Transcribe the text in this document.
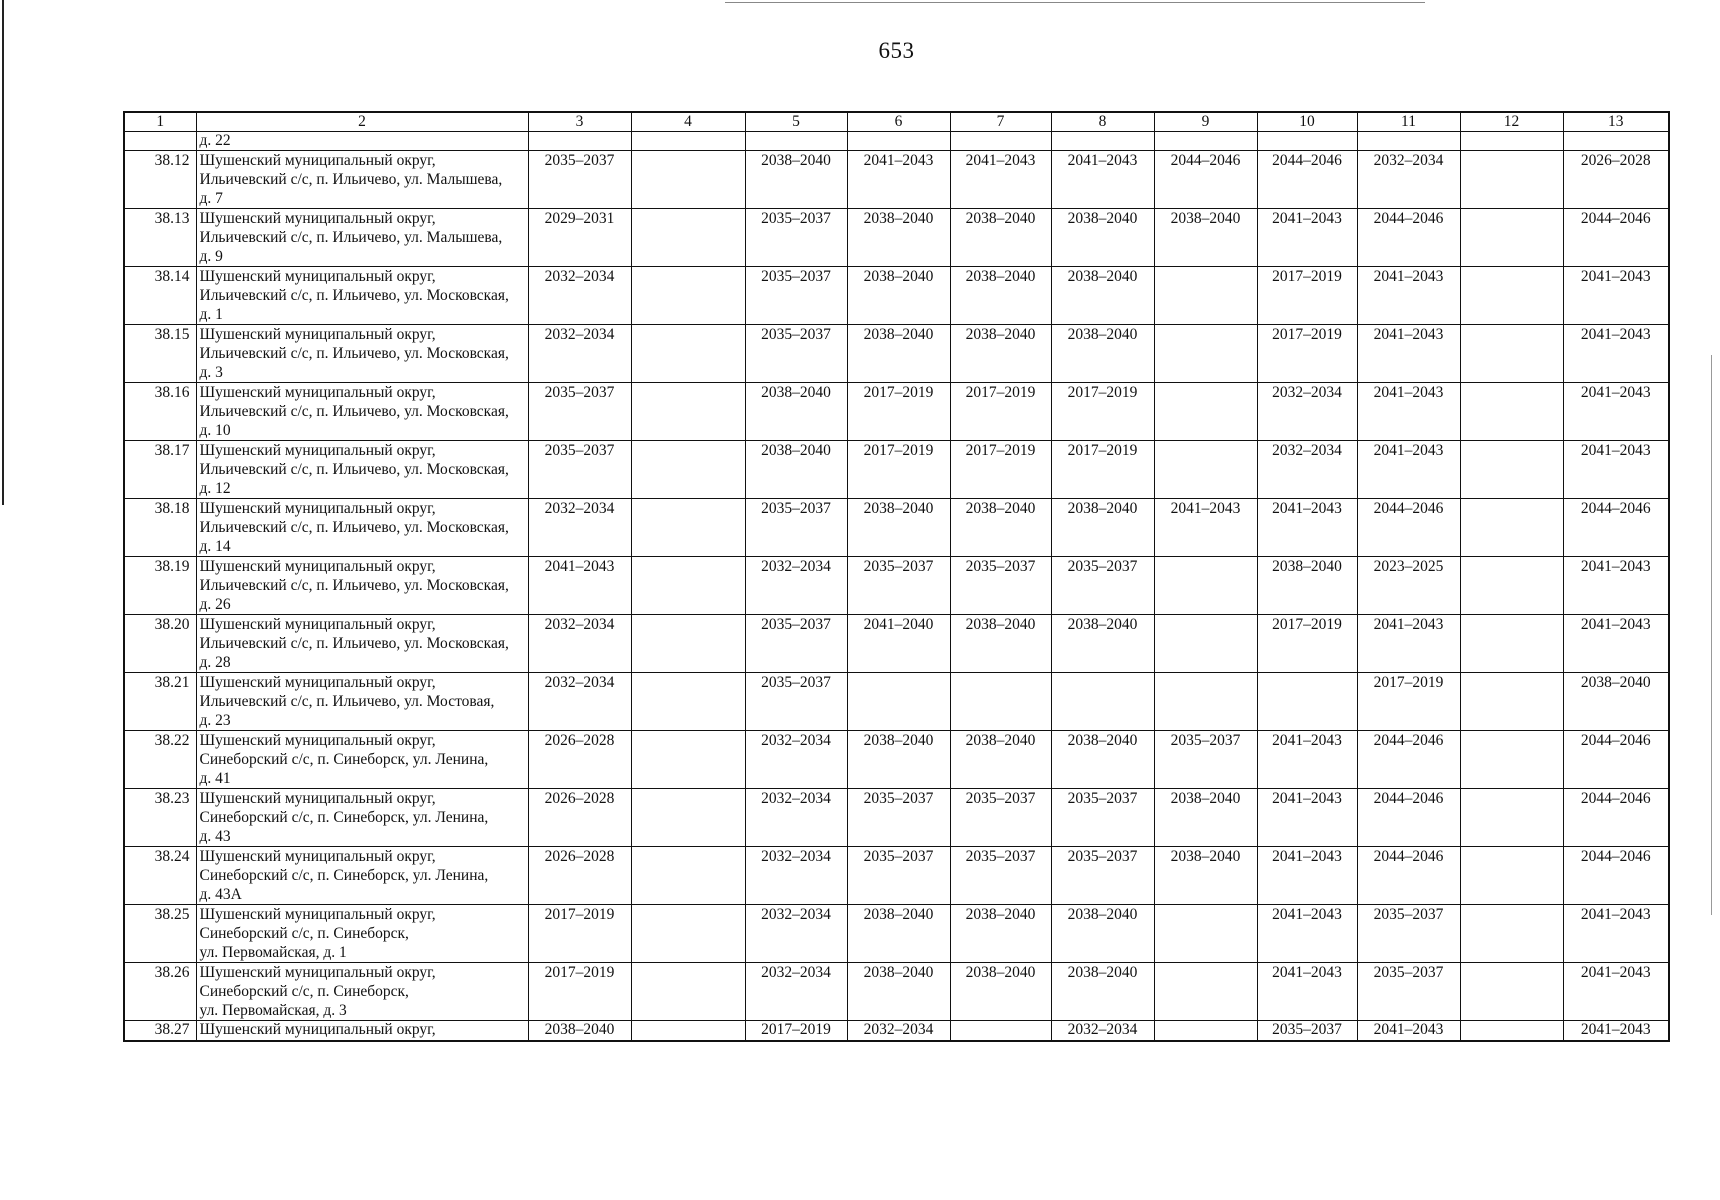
653
1	2	3	4	5	6	7	8	9	10	11	12	13
	д. 22											
38.12	Шушенский муниципальный округ,
Ильичевский с/с, п. Ильичево, ул. Малышева,
д. 7	2035–2037		2038–2040	2041–2043	2041–2043	2041–2043	2044–2046	2044–2046	2032–2034		2026–2028
38.13	Шушенский муниципальный округ,
Ильичевский с/с, п. Ильичево, ул. Малышева,
д. 9	2029–2031		2035–2037	2038–2040	2038–2040	2038–2040	2038–2040	2041–2043	2044–2046		2044–2046
38.14	Шушенский муниципальный округ,
Ильичевский с/с, п. Ильичево, ул. Московская,
д. 1	2032–2034		2035–2037	2038–2040	2038–2040	2038–2040		2017–2019	2041–2043		2041–2043
38.15	Шушенский муниципальный округ,
Ильичевский с/с, п. Ильичево, ул. Московская,
д. 3	2032–2034		2035–2037	2038–2040	2038–2040	2038–2040		2017–2019	2041–2043		2041–2043
38.16	Шушенский муниципальный округ,
Ильичевский с/с, п. Ильичево, ул. Московская,
д. 10	2035–2037		2038–2040	2017–2019	2017–2019	2017–2019		2032–2034	2041–2043		2041–2043
38.17	Шушенский муниципальный округ,
Ильичевский с/с, п. Ильичево, ул. Московская,
д. 12	2035–2037		2038–2040	2017–2019	2017–2019	2017–2019		2032–2034	2041–2043		2041–2043
38.18	Шушенский муниципальный округ,
Ильичевский с/с, п. Ильичево, ул. Московская,
д. 14	2032–2034		2035–2037	2038–2040	2038–2040	2038–2040	2041–2043	2041–2043	2044–2046		2044–2046
38.19	Шушенский муниципальный округ,
Ильичевский с/с, п. Ильичево, ул. Московская,
д. 26	2041–2043		2032–2034	2035–2037	2035–2037	2035–2037		2038–2040	2023–2025		2041–2043
38.20	Шушенский муниципальный округ,
Ильичевский с/с, п. Ильичево, ул. Московская,
д. 28	2032–2034		2035–2037	2041–2040	2038–2040	2038–2040		2017–2019	2041–2043		2041–2043
38.21	Шушенский муниципальный округ,
Ильичевский с/с, п. Ильичево, ул. Мостовая,
д. 23	2032–2034		2035–2037						2017–2019		2038–2040
38.22	Шушенский муниципальный округ,
Синеборский с/с, п. Синеборск, ул. Ленина,
д. 41	2026–2028		2032–2034	2038–2040	2038–2040	2038–2040	2035–2037	2041–2043	2044–2046		2044–2046
38.23	Шушенский муниципальный округ,
Синеборский с/с, п. Синеборск, ул. Ленина,
д. 43	2026–2028		2032–2034	2035–2037	2035–2037	2035–2037	2038–2040	2041–2043	2044–2046		2044–2046
38.24	Шушенский муниципальный округ,
Синеборский с/с, п. Синеборск, ул. Ленина,
д. 43А	2026–2028		2032–2034	2035–2037	2035–2037	2035–2037	2038–2040	2041–2043	2044–2046		2044–2046
38.25	Шушенский муниципальный округ,
Синеборский с/с, п. Синеборск,
ул. Первомайская, д. 1	2017–2019		2032–2034	2038–2040	2038–2040	2038–2040		2041–2043	2035–2037		2041–2043
38.26	Шушенский муниципальный округ,
Синеборский с/с, п. Синеборск,
ул. Первомайская, д. 3	2017–2019		2032–2034	2038–2040	2038–2040	2038–2040		2041–2043	2035–2037		2041–2043
38.27	Шушенский муниципальный округ,	2038–2040		2017–2019	2032–2034		2032–2034		2035–2037	2041–2043		2041–2043
